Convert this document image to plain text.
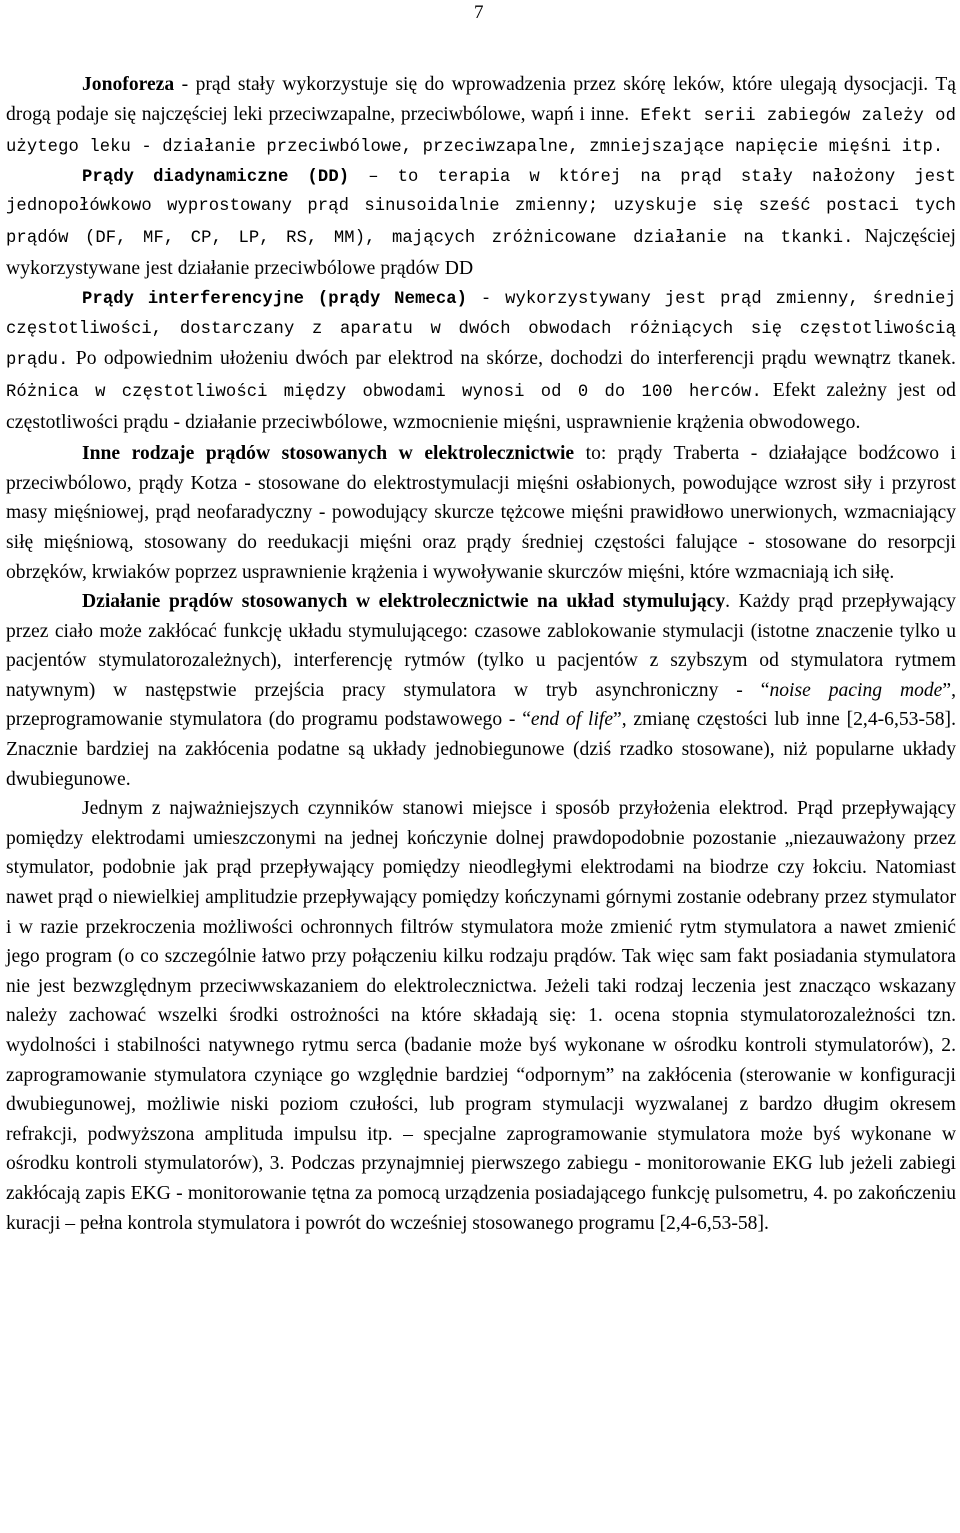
7

Jonoforeza - prąd stały wykorzystuje się do wprowadzenia przez skórę leków, które ulegają dysocjacji. Tą drogą podaje się najczęściej leki przeciwzapalne, przeciwbólowe, wapń i inne. Efekt serii zabiegów zależy od użytego leku - działanie przeciwbólowe, przeciwzapalne, zmniejszające napięcie mięśni itp.

Prądy diadynamiczne (DD) – to terapia w której na prąd stały nałożony jest jednopołówkowo wyprostowany prąd sinusoidalnie zmienny; uzyskuje się sześć postaci tych prądów (DF, MF, CP, LP, RS, MM), mających zróżnicowane działanie na tkanki. Najczęściej wykorzystywane jest działanie przeciwbólowe prądów DD

Prądy interferencyjne (prądy Nemeca) - wykorzystywany jest prąd zmienny, średniej częstotliwości, dostarczany z aparatu w dwóch obwodach różniących się częstotliwością prądu. Po odpowiednim ułożeniu dwóch par elektrod na skórze, dochodzi do interferencji prądu wewnątrz tkanek. Różnica w częstotliwości między obwodami wynosi od 0 do 100 herców. Efekt zależny jest od częstotliwości prądu - działanie przeciwbólowe, wzmocnienie mięśni, usprawnienie krążenia obwodowego.

Inne rodzaje prądów stosowanych w elektrolecznictwie to: prądy Traberta - działające bodźcowo i przeciwbólowo, prądy Kotza - stosowane do elektrostymulacji mięśni osłabionych, powodujące wzrost siły i przyrost masy mięśniowej, prąd neofaradyczny - powodujący skurcze tężcowe mięśni prawidłowo unerwionych, wzmacniający siłę mięśniową, stosowany do reedukacji mięśni oraz prądy średniej częstości falujące - stosowane do resorpcji obrzęków, krwiaków poprzez usprawnienie krążenia i wywoływanie skurczów mięśni, które wzmacniają ich siłę.

Działanie prądów stosowanych w elektrolecznictwie na układ stymulujący. Każdy prąd przepływający przez ciało może zakłócać funkcję układu stymulującego: czasowe zablokowanie stymulacji (istotne znaczenie tylko u pacjentów stymulatorozależnych), interferencję rytmów (tylko u pacjentów z szybszym od stymulatora rytmem natywnym) w następstwie przejścia pracy stymulatora w tryb asynchroniczny - “noise pacing mode”, przeprogramowanie stymulatora (do programu podstawowego - “end of life”, zmianę częstości lub inne [2,4-6,53-58]. Znacznie bardziej na zakłócenia podatne są układy jednobiegunowe (dziś rzadko stosowane), niż popularne układy dwubiegunowe.

Jednym z najważniejszych czynników stanowi miejsce i sposób przyłożenia elektrod. Prąd przepływający pomiędzy elektrodami umieszczonymi na jednej kończynie dolnej prawdopodobnie pozostanie „niezauważony przez stymulator, podobnie jak prąd przepływający pomiędzy nieodległymi elektrodami na biodrze czy łokciu. Natomiast nawet prąd o niewielkiej amplitudzie przepływający pomiędzy kończynami górnymi zostanie odebrany przez stymulator i w razie przekroczenia możliwości ochronnych filtrów stymulatora może zmienić rytm stymulatora a nawet zmienić jego program (o co szczególnie łatwo przy połączeniu kilku rodzaju prądów. Tak więc sam fakt posiadania stymulatora nie jest bezwzględnym przeciwwskazaniem do elektrolecznictwa. Jeżeli taki rodzaj leczenia jest znacząco wskazany należy zachować wszelki środki ostrożności na które składają się: 1. ocena stopnia stymulatorozależności tzn. wydolności i stabilności natywnego rytmu serca (badanie może byś wykonane w ośrodku kontroli stymulatorów), 2. zaprogramowanie stymulatora czyniące go względnie bardziej “odpornym” na zakłócenia (sterowanie w konfiguracji dwubiegunowej, możliwie niski poziom czułości, lub program stymulacji wyzwalanej z bardzo długim okresem refrakcji, podwyższona amplituda impulsu itp. – specjalne zaprogramowanie stymulatora może byś wykonane w ośrodku kontroli stymulatorów), 3. Podczas przynajmniej pierwszego zabiegu - monitorowanie EKG lub jeżeli zabiegi zakłócają zapis EKG - monitorowanie tętna za pomocą urządzenia posiadającego funkcję pulsometru, 4. po zakończeniu kuracji – pełna kontrola stymulatora i powrót do wcześniej stosowanego programu [2,4-6,53-58].
